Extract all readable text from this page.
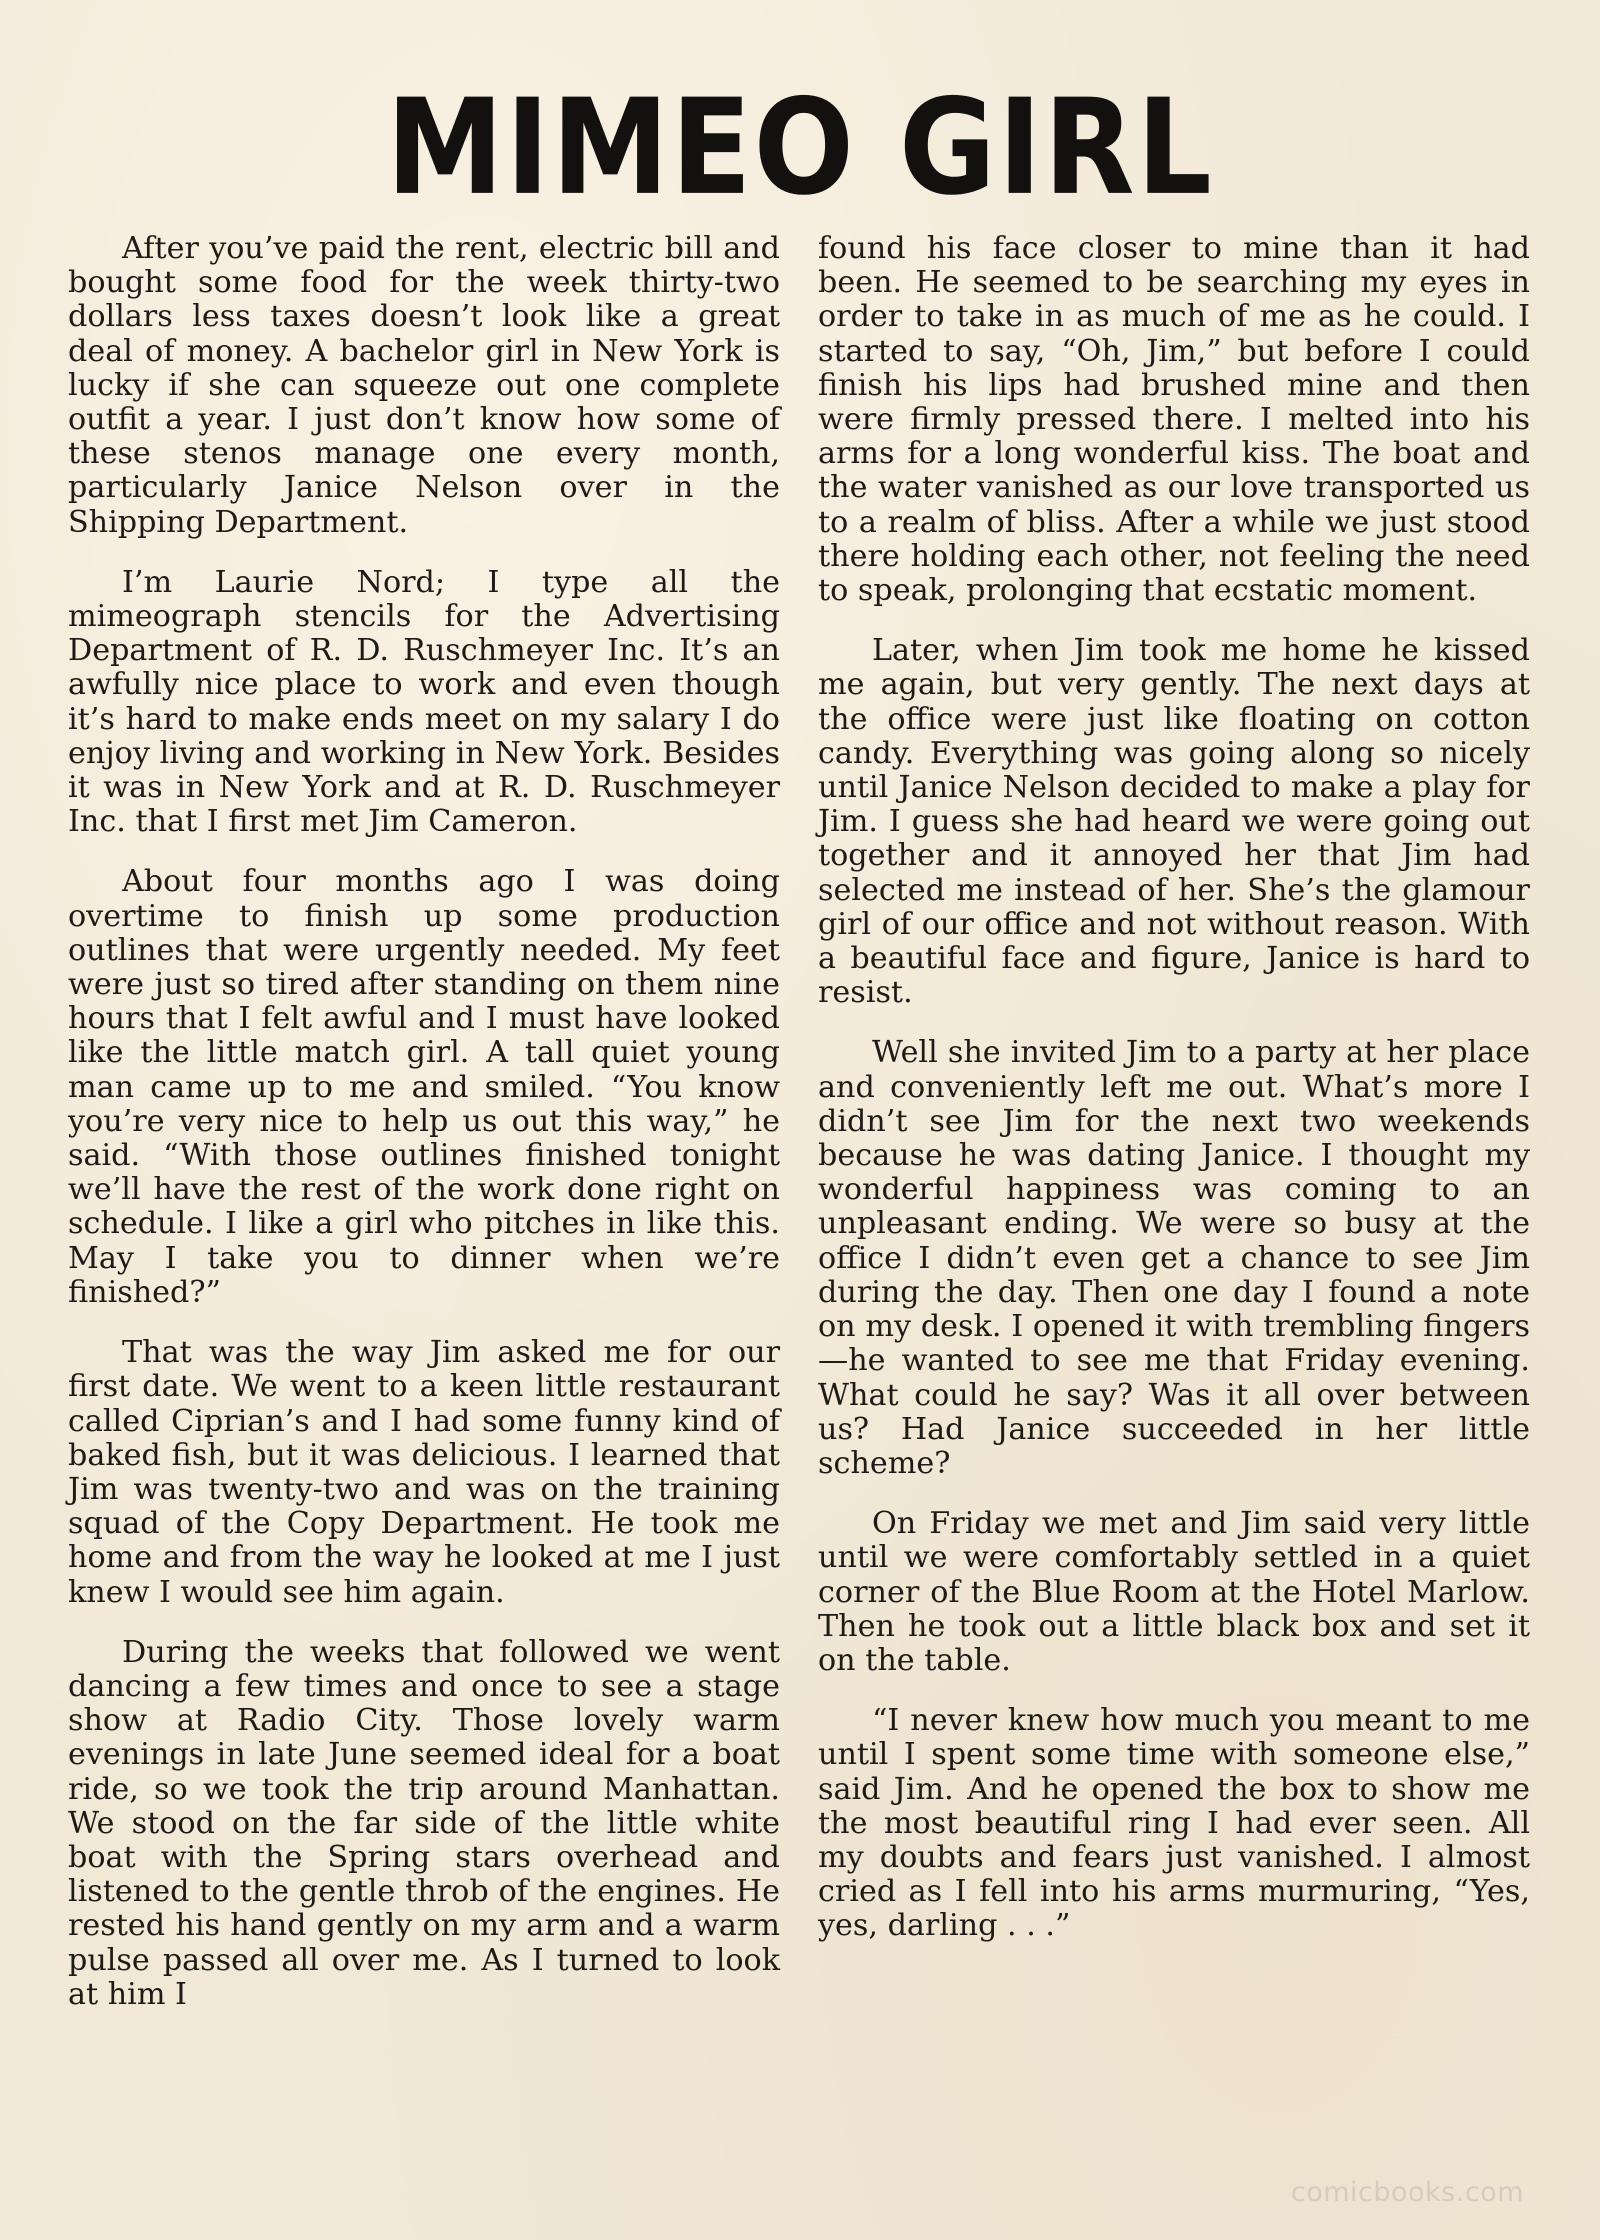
MIMEO GIRL

After you’ve paid the rent, electric bill and bought some food for the week thirty-two dollars less taxes doesn’t look like a great deal of money. A bachelor girl in New York is lucky if she can squeeze out one complete outfit a year. I just don’t know how some of these stenos manage one every month, particularly Janice Nelson over in the Shipping Department.

I’m Laurie Nord; I type all the mimeograph stencils for the Advertising Department of R. D. Ruschmeyer Inc. It’s an awfully nice place to work and even though it’s hard to make ends meet on my salary I do enjoy living and working in New York. Besides it was in New York and at R. D. Ruschmeyer Inc. that I first met Jim Cameron.

About four months ago I was doing overtime to finish up some production outlines that were urgently needed. My feet were just so tired after standing on them nine hours that I felt awful and I must have looked like the little match girl. A tall quiet young man came up to me and smiled. “You know you’re very nice to help us out this way,” he said. “With those outlines finished tonight we’ll have the rest of the work done right on schedule. I like a girl who pitches in like this. May I take you to dinner when we’re finished?”

That was the way Jim asked me for our first date. We went to a keen little restaurant called Ciprian’s and I had some funny kind of baked fish, but it was delicious. I learned that Jim was twenty-two and was on the training squad of the Copy Department. He took me home and from the way he looked at me I just knew I would see him again.

During the weeks that followed we went dancing a few times and once to see a stage show at Radio City. Those lovely warm evenings in late June seemed ideal for a boat ride, so we took the trip around Manhattan. We stood on the far side of the little white boat with the Spring stars overhead and listened to the gentle throb of the engines. He rested his hand gently on my arm and a warm pulse passed all over me. As I turned to look at him I

found his face closer to mine than it had been. He seemed to be searching my eyes in order to take in as much of me as he could. I started to say, “Oh, Jim,” but before I could finish his lips had brushed mine and then were firmly pressed there. I melted into his arms for a long wonderful kiss. The boat and the water vanished as our love transported us to a realm of bliss. After a while we just stood there holding each other, not feeling the need to speak, prolonging that ecstatic moment.

Later, when Jim took me home he kissed me again, but very gently. The next days at the office were just like floating on cotton candy. Everything was going along so nicely until Janice Nelson decided to make a play for Jim. I guess she had heard we were going out together and it annoyed her that Jim had selected me instead of her. She’s the glamour girl of our office and not without reason. With a beautiful face and figure, Janice is hard to resist.

Well she invited Jim to a party at her place and conveniently left me out. What’s more I didn’t see Jim for the next two weekends because he was dating Janice. I thought my wonderful happiness was coming to an unpleasant ending. We were so busy at the office I didn’t even get a chance to see Jim during the day. Then one day I found a note on my desk. I opened it with trembling fingers—he wanted to see me that Friday evening. What could he say? Was it all over between us? Had Janice succeeded in her little scheme?

On Friday we met and Jim said very little until we were comfortably settled in a quiet corner of the Blue Room at the Hotel Marlow. Then he took out a little black box and set it on the table.

“I never knew how much you meant to me until I spent some time with someone else,” said Jim. And he opened the box to show me the most beautiful ring I had ever seen. All my doubts and fears just vanished. I almost cried as I fell into his arms murmuring, “Yes, yes, darling . . .”

comicbooks.com
